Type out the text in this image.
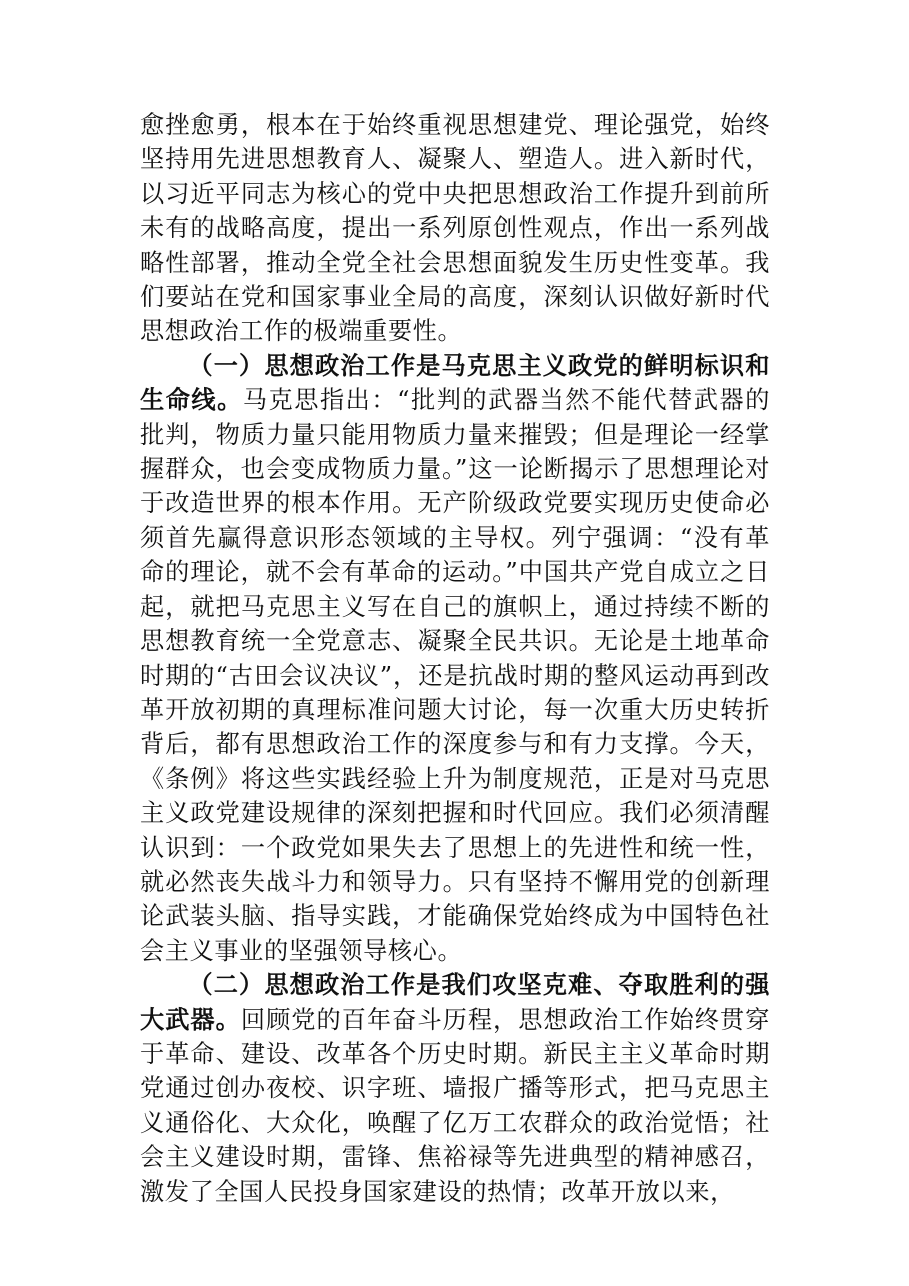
愈挫愈勇，根本在于始终重视思想建党、理论强党，始终坚持用先进思想教育人、凝聚人、塑造人。进入新时代，以习近平同志为核心的党中央把思想政治工作提升到前所未有的战略高度，提出一系列原创性观点，作出一系列战略性部署，推动全党全社会思想面貌发生历史性变革。我们要站在党和国家事业全局的高度，深刻认识做好新时代思想政治工作的极端重要性。

（一）思想政治工作是马克思主义政党的鲜明标识和生命线。马克思指出：“批判的武器当然不能代替武器的批判，物质力量只能用物质力量来摧毁；但是理论一经掌握群众，也会变成物质力量。”这一论断揭示了思想理论对于改造世界的根本作用。无产阶级政党要实现历史使命必须首先赢得意识形态领域的主导权。列宁强调：“没有革命的理论，就不会有革命的运动。”中国共产党自成立之日起，就把马克思主义写在自己的旗帜上，通过持续不断的思想教育统一全党意志、凝聚全民共识。无论是土地革命时期的“古田会议决议”，还是抗战时期的整风运动再到改革开放初期的真理标准问题大讨论，每一次重大历史转折背后，都有思想政治工作的深度参与和有力支撑。今天，《条例》将这些实践经验上升为制度规范，正是对马克思主义政党建设规律的深刻把握和时代回应。我们必须清醒认识到：一个政党如果失去了思想上的先进性和统一性，就必然丧失战斗力和领导力。只有坚持不懈用党的创新理论武装头脑、指导实践，才能确保党始终成为中国特色社会主义事业的坚强领导核心。

（二）思想政治工作是我们攻坚克难、夺取胜利的强大武器。回顾党的百年奋斗历程，思想政治工作始终贯穿于革命、建设、改革各个历史时期。新民主主义革命时期党通过创办夜校、识字班、墙报广播等形式，把马克思主义通俗化、大众化，唤醒了亿万工农群众的政治觉悟；社会主义建设时期，雷锋、焦裕禄等先进典型的精神感召，激发了全国人民投身国家建设的热情；改革开放以来，
